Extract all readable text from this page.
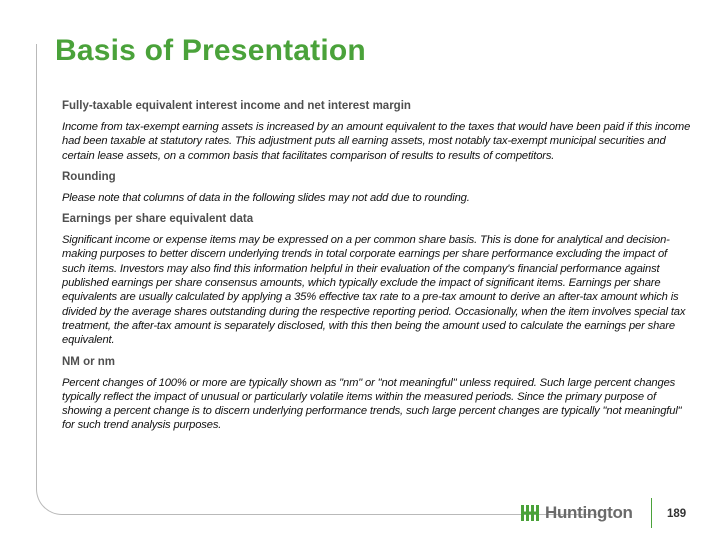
Basis of Presentation

Fully-taxable equivalent interest income and net interest margin

Income from tax-exempt earning assets is increased by an amount equivalent to the taxes that would have been paid if this income had been taxable at statutory rates. This adjustment puts all earning assets, most notably tax-exempt municipal securities and certain lease assets, on a common basis that facilitates comparison of results to results of competitors.

Rounding

Please note that columns of data in the following slides may not add due to rounding.

Earnings per share equivalent data

Significant income or expense items may be expressed on a per common share basis. This is done for analytical and decision-making purposes to better discern underlying trends in total corporate earnings per share performance excluding the impact of such items. Investors may also find this information helpful in their evaluation of the company's financial performance against published earnings per share consensus amounts, which typically exclude the impact of significant items. Earnings per share equivalents are usually calculated by applying a 35% effective tax rate to a pre-tax amount to derive an after-tax amount which is divided by the average shares outstanding during the respective reporting period. Occasionally, when the item involves special tax treatment, the after-tax amount is separately disclosed, with this then being the amount used to calculate the earnings per share equivalent.

NM or nm

Percent changes of 100% or more are typically shown as "nm" or "not meaningful" unless required. Such large percent changes typically reflect the impact of unusual or particularly volatile items within the measured periods. Since the primary purpose of showing a percent change is to discern underlying performance trends, such large percent changes are typically "not meaningful" for such trend analysis purposes.

Huntington	189
